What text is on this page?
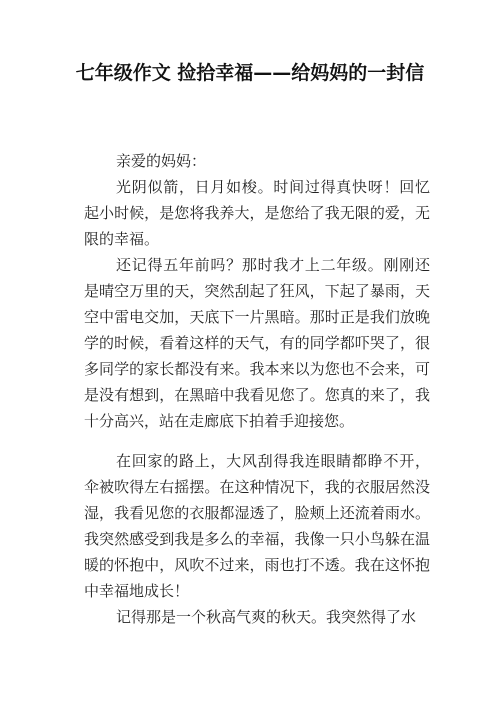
七年级作文 捡拾幸福——给妈妈的一封信

亲爱的妈妈：

光阴似箭，日月如梭。时间过得真快呀！回忆起小时候，是您将我养大，是您给了我无限的爱，无限的幸福。

还记得五年前吗？那时我才上二年级。刚刚还是晴空万里的天，突然刮起了狂风，下起了暴雨，天空中雷电交加，天底下一片黑暗。那时正是我们放晚学的时候，看着这样的天气，有的同学都吓哭了，很多同学的家长都没有来。我本来以为您也不会来，可是没有想到，在黑暗中我看见您了。您真的来了，我十分高兴，站在走廊底下拍着手迎接您。

在回家的路上，大风刮得我连眼睛都睁不开，伞被吹得左右摇摆。在这种情况下，我的衣服居然没湿，我看见您的衣服都湿透了，脸颊上还流着雨水。我突然感受到我是多么的幸福，我像一只小鸟躲在温暖的怀抱中，风吹不过来，雨也打不透。我在这怀抱中幸福地成长！

记得那是一个秋高气爽的秋天。我突然得了水
